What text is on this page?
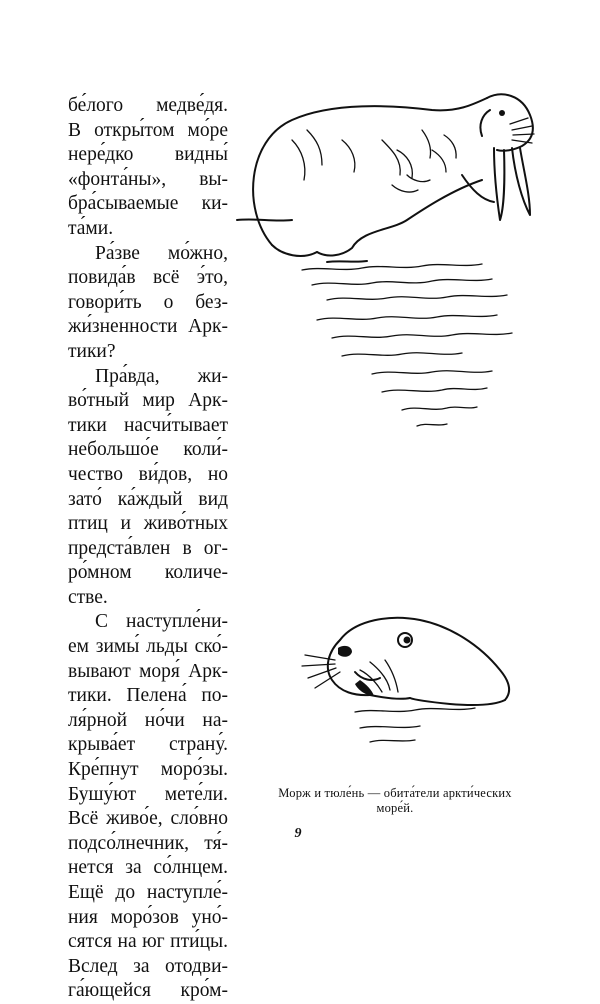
бе́лого медве́дя.
В откры́том мо́ре
нере́дко видны́
«фонта́ны», вы-
бра́сываемые ки-
та́ми.

Ра́зве мо́жно,
повида́в всё э́то,
говори́ть о без-
жи́зненности Арк-
тики?

Пра́вда, жи-
во́тный мир Арк-
тики насчи́тывает
небольшо́е коли́-
чество ви́дов, но
зато́ ка́ждый вид
птиц и живо́тных
предста́влен в ог-
ро́мном количе-
стве.

С наступле́ни-
ем зимы́ льды ско́-
вывают моря́ Арк-
тики. Пелена́ по-
ля́рной но́чи на-
крыва́ет страну́.
Кре́пнут моро́зы.
Бушу́ют мете́ли.
Всё живо́е, сло́вно
подсо́лнечник, тя́-
нется за со́лнцем.
Ещё до наступле́-
ния моро́зов уно́-
сятся на юг пти́цы.
Вслед за отодви-
га́ющейся кро́м-

Морж и тюле́нь — обита́тели аркти́ческих
море́й.
9
